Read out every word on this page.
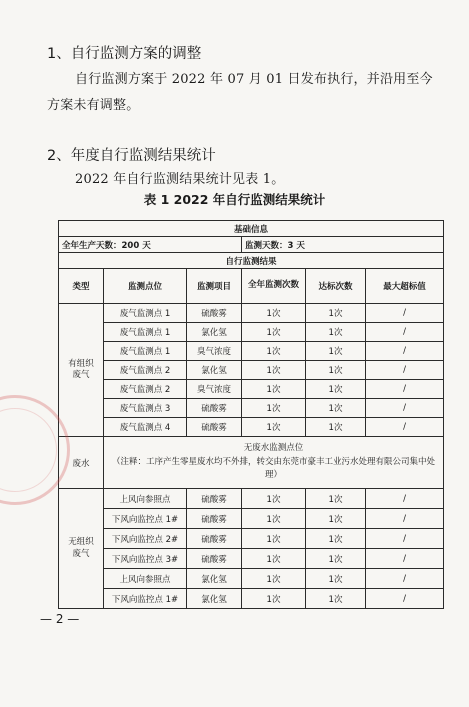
1、自行监测方案的调整
自行监测方案于 2022 年 07 月 01 日发布执行，并沿用至今
方案未有调整。
2、年度自行监测结果统计
2022 年自行监测结果统计见表 1。
表 1 2022 年自行监测结果统计
基础信息					
全年生产天数：200 天			监测天数：3 天		
自行监测结果					
类型	监测点位	监测项目	全年监测次数	达标次数	最大超标值
有组织废气	废气监测点 1	硫酸雾	1次	1次	/
	废气监测点 1	氯化氢	1次	1次	/
	废气监测点 1	臭气浓度	1次	1次	/
	废气监测点 2	氯化氢	1次	1次	/
	废气监测点 2	臭气浓度	1次	1次	/
	废气监测点 3	硫酸雾	1次	1次	/
	废气监测点 4	硫酸雾	1次	1次	/
废水	无废水监测点位
（注释：工序产生零星废水均不外排，转交由东莞市豪丰工业污水处理有限公司集中处理）				

无组织废气	上风向参照点	硫酸雾	1次	1次	/
	下风向监控点 1#	硫酸雾	1次	1次	/
	下风向监控点 2#	硫酸雾	1次	1次	/
	下风向监控点 3#	硫酸雾	1次	1次	/
	上风向参照点	氯化氢	1次	1次	/
	下风向监控点 1#	氯化氢	1次	1次	/
— 2 —
